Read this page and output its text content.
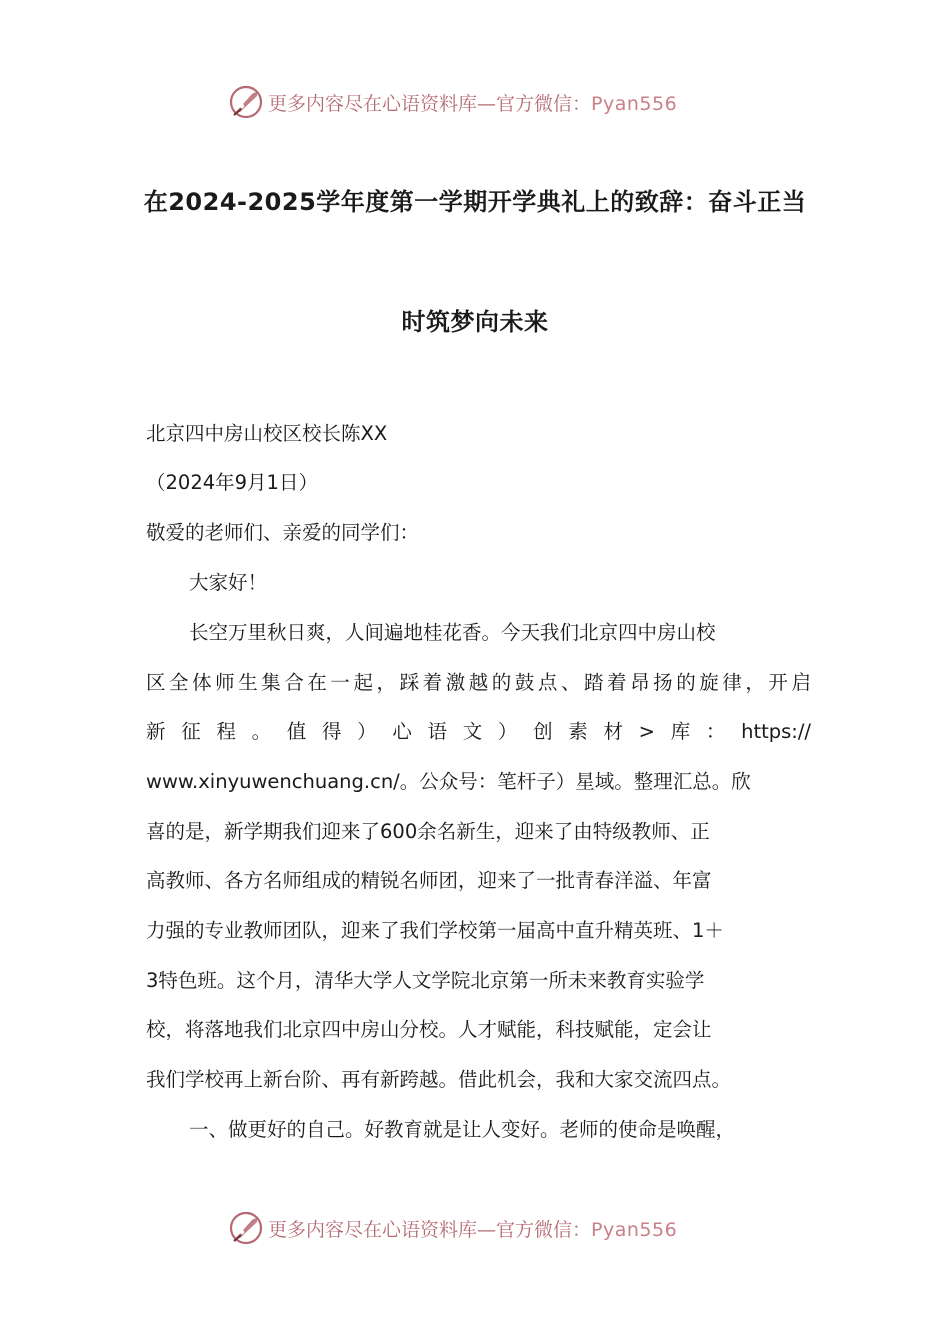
更多内容尽在心语资料库—官方微信：Pyan556
在2024-2025学年度第一学期开学典礼上的致辞：奋斗正当
时筑梦向未来
北京四中房山校区校长陈XX
（2024年9月1日）
敬爱的老师们、亲爱的同学们：
大家好！
长空万里秋日爽，人间遍地桂花香。今天我们北京四中房山校
区全体师生集合在一起，踩着激越的鼓点、踏着昂扬的旋律，开启
新征程。值得）心语文）创素材>库：https://
www.xinyuwenchuang.cn/。公众号：笔杆子）星域。整理汇总。欣
喜的是，新学期我们迎来了600余名新生，迎来了由特级教师、正
高教师、各方名师组成的精锐名师团，迎来了一批青春洋溢、年富
力强的专业教师团队，迎来了我们学校第一届高中直升精英班、1＋
3特色班。这个月，清华大学人文学院北京第一所未来教育实验学
校，将落地我们北京四中房山分校。人才赋能，科技赋能，定会让
我们学校再上新台阶、再有新跨越。借此机会，我和大家交流四点。
一、做更好的自己。好教育就是让人变好。老师的使命是唤醒，
更多内容尽在心语资料库—官方微信：Pyan556
